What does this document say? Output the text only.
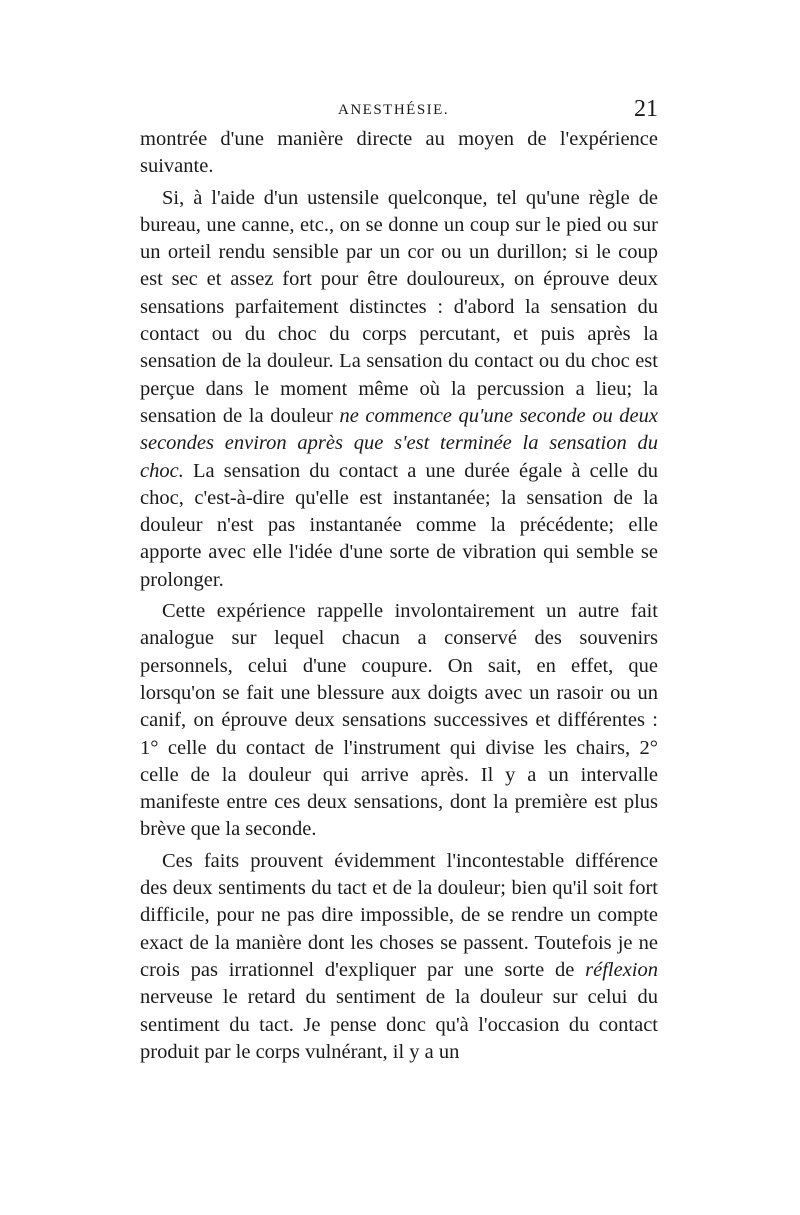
ANESTHÉSIE.	21

montrée d'une manière directe au moyen de l'expérience suivante.

Si, à l'aide d'un ustensile quelconque, tel qu'une règle de bureau, une canne, etc., on se donne un coup sur le pied ou sur un orteil rendu sensible par un cor ou un durillon; si le coup est sec et assez fort pour être douloureux, on éprouve deux sensations parfaitement distinctes : d'abord la sensation du contact ou du choc du corps percutant, et puis après la sensation de la douleur. La sensation du contact ou du choc est perçue dans le moment même où la percussion a lieu; la sensation de la douleur ne commence qu'une seconde ou deux secondes environ après que s'est terminée la sensation du choc. La sensation du contact a une durée égale à celle du choc, c'est-à-dire qu'elle est instantanée; la sensation de la douleur n'est pas instantanée comme la précédente; elle apporte avec elle l'idée d'une sorte de vibration qui semble se prolonger.

Cette expérience rappelle involontairement un autre fait analogue sur lequel chacun a conservé des souvenirs personnels, celui d'une coupure. On sait, en effet, que lorsqu'on se fait une blessure aux doigts avec un rasoir ou un canif, on éprouve deux sensations successives et différentes : 1° celle du contact de l'instrument qui divise les chairs, 2° celle de la douleur qui arrive après. Il y a un intervalle manifeste entre ces deux sensations, dont la première est plus brève que la seconde.

Ces faits prouvent évidemment l'incontestable différence des deux sentiments du tact et de la douleur; bien qu'il soit fort difficile, pour ne pas dire impossible, de se rendre un compte exact de la manière dont les choses se passent. Toutefois je ne crois pas irrationnel d'expliquer par une sorte de réflexion nerveuse le retard du sentiment de la douleur sur celui du sentiment du tact. Je pense donc qu'à l'occasion du contact produit par le corps vulnérant, il y a un
